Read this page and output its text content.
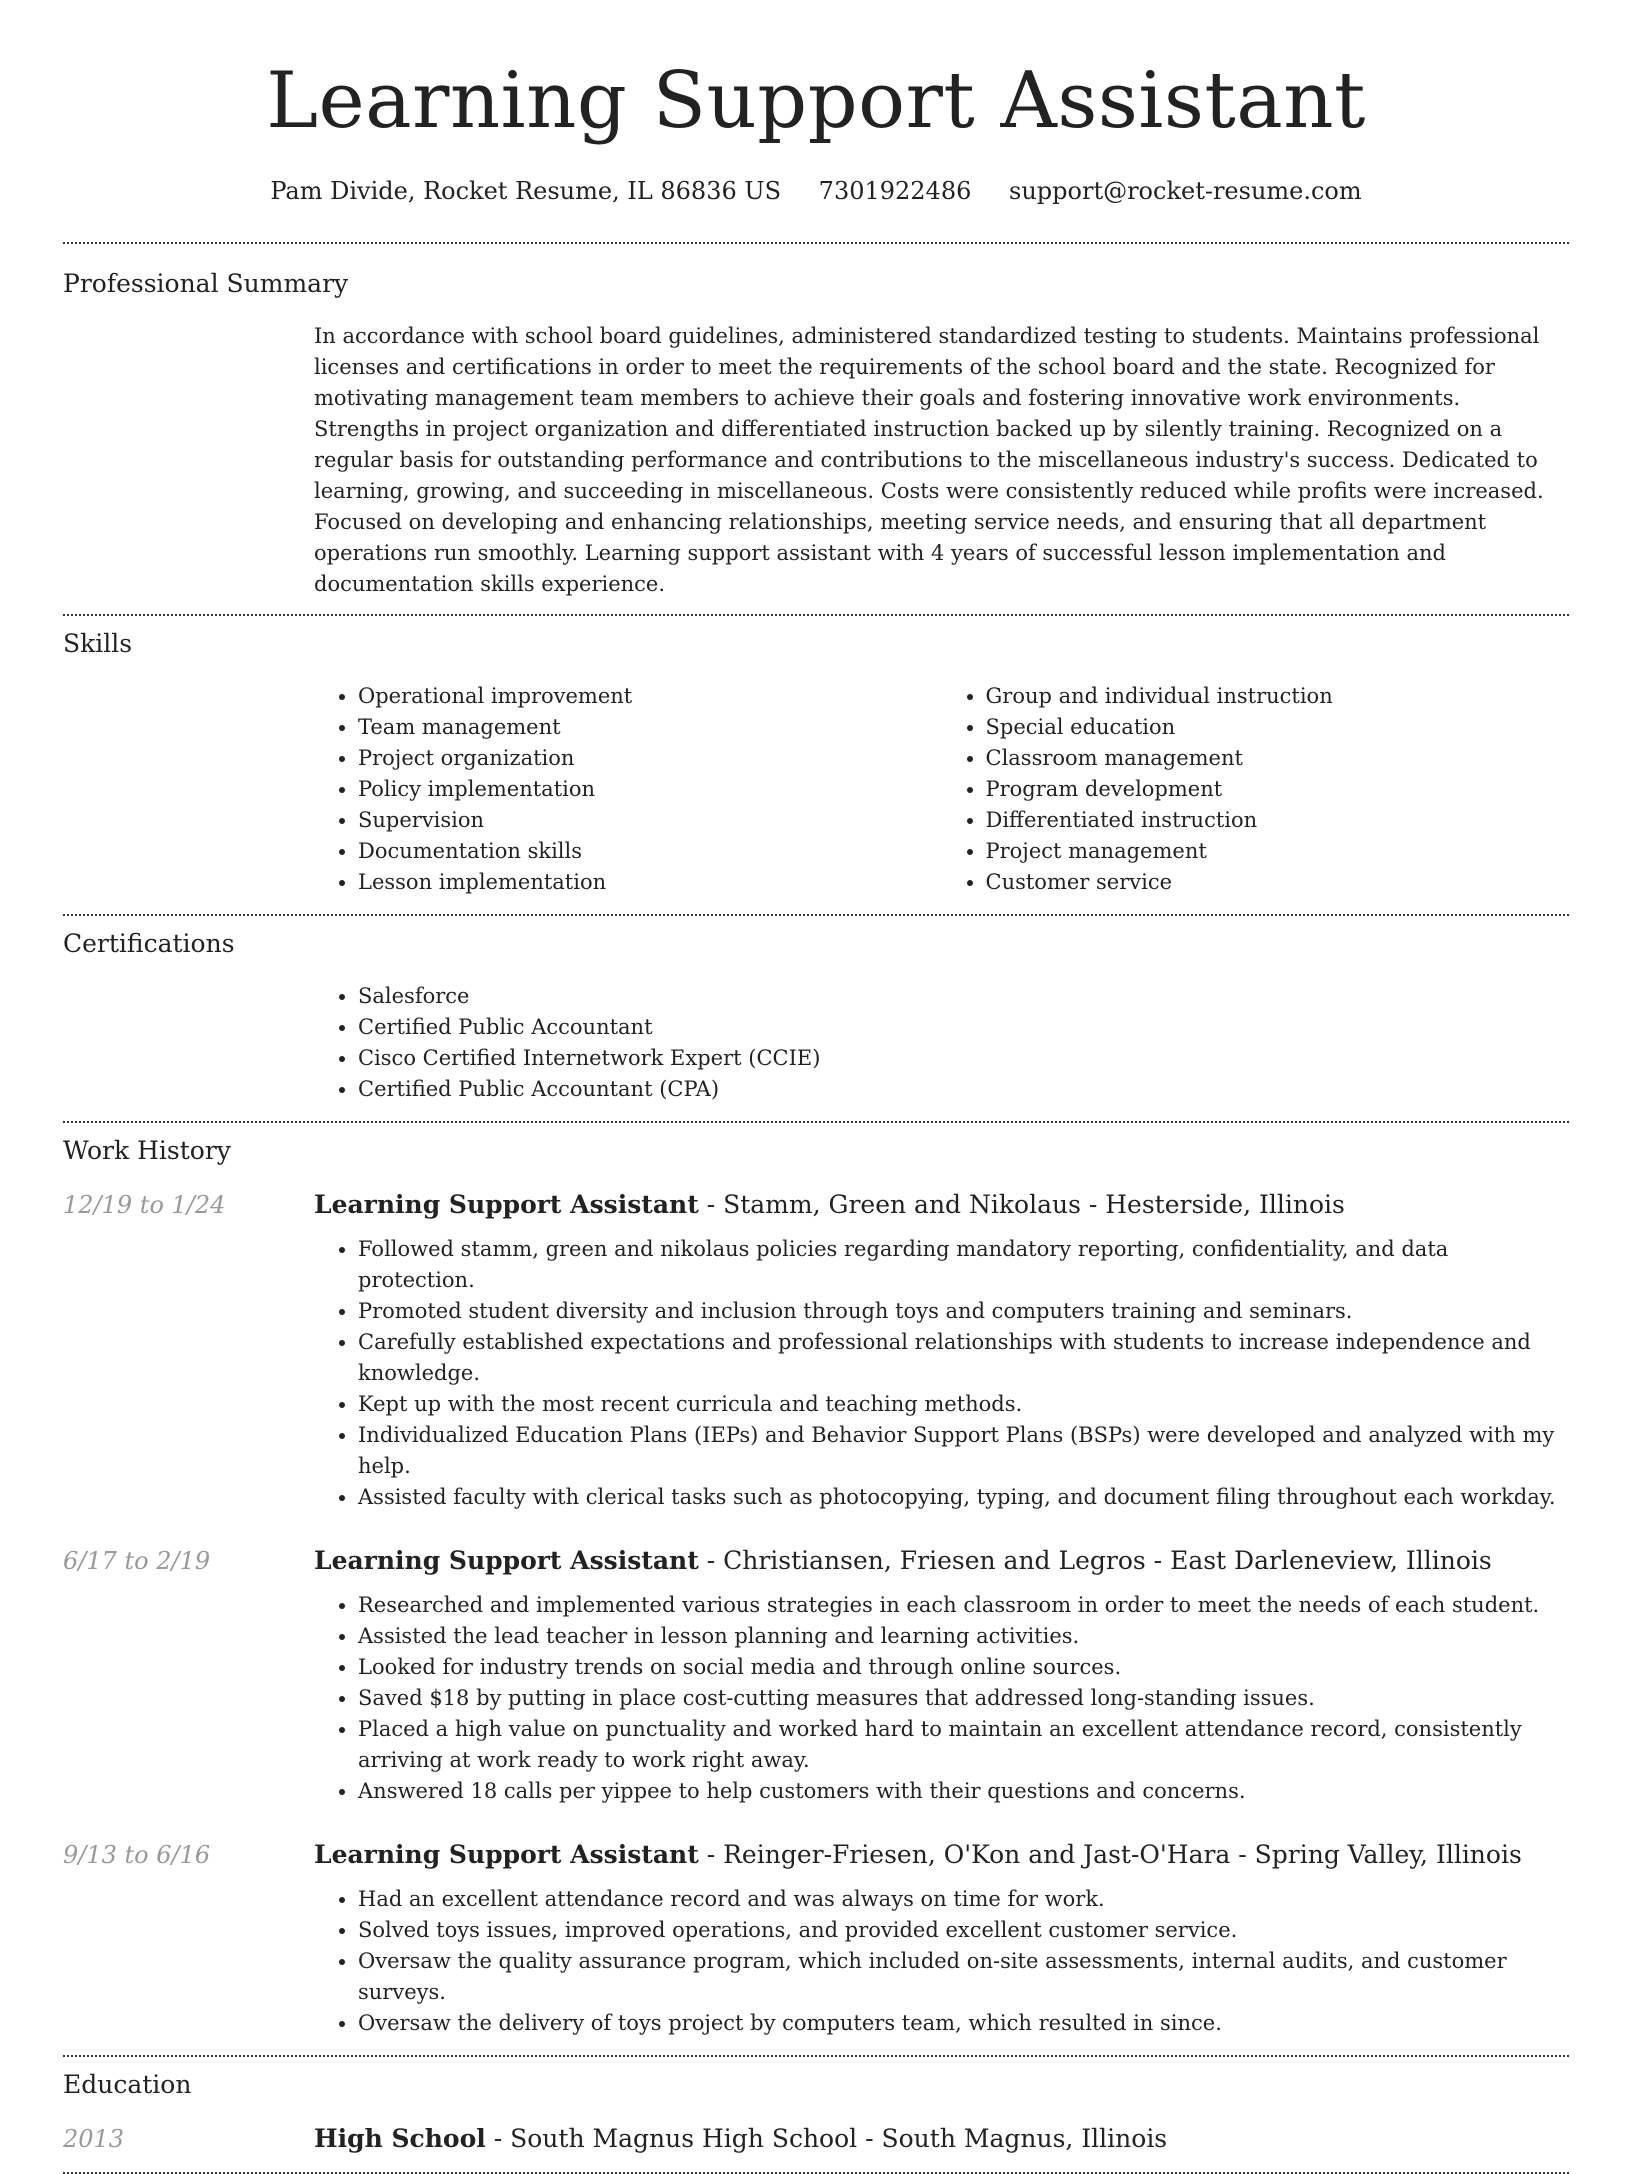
Learning Support Assistant
Pam Divide, Rocket Resume, IL 86836 US 7301922486 support@rocket-resume.com
Professional Summary

In accordance with school board guidelines, administered standardized testing to students. Maintains professional licenses and certifications in order to meet the requirements of the school board and the state. Recognized for motivating management team members to achieve their goals and fostering innovative work environments. Strengths in project organization and differentiated instruction backed up by silently training. Recognized on a regular basis for outstanding performance and contributions to the miscellaneous industry's success. Dedicated to learning, growing, and succeeding in miscellaneous. Costs were consistently reduced while profits were increased. Focused on developing and enhancing relationships, meeting service needs, and ensuring that all department operations run smoothly. Learning support assistant with 4 years of successful lesson implementation and documentation skills experience.

Skills
• Operational improvement
• Team management
• Project organization
• Policy implementation
• Supervision
• Documentation skills
• Lesson implementation
• Group and individual instruction
• Special education
• Classroom management
• Program development
• Differentiated instruction
• Project management
• Customer service
Certifications
• Salesforce
• Certified Public Accountant
• Cisco Certified Internetwork Expert (CCIE)
• Certified Public Accountant (CPA)
Work History
12/19 to 1/24	Learning Support Assistant - Stamm, Green and Nikolaus - Hesterside, Illinois
• Followed stamm, green and nikolaus policies regarding mandatory reporting, confidentiality, and data protection.
• Promoted student diversity and inclusion through toys and computers training and seminars.
• Carefully established expectations and professional relationships with students to increase independence and knowledge.
• Kept up with the most recent curricula and teaching methods.
• Individualized Education Plans (IEPs) and Behavior Support Plans (BSPs) were developed and analyzed with my help.
• Assisted faculty with clerical tasks such as photocopying, typing, and document filing throughout each workday.
6/17 to 2/19	Learning Support Assistant - Christiansen, Friesen and Legros - East Darleneview, Illinois
• Researched and implemented various strategies in each classroom in order to meet the needs of each student.
• Assisted the lead teacher in lesson planning and learning activities.
• Looked for industry trends on social media and through online sources.
• Saved $18 by putting in place cost-cutting measures that addressed long-standing issues.
• Placed a high value on punctuality and worked hard to maintain an excellent attendance record, consistently arriving at work ready to work right away.
• Answered 18 calls per yippee to help customers with their questions and concerns.
9/13 to 6/16	Learning Support Assistant - Reinger-Friesen, O'Kon and Jast-O'Hara - Spring Valley, Illinois
• Had an excellent attendance record and was always on time for work.
• Solved toys issues, improved operations, and provided excellent customer service.
• Oversaw the quality assurance program, which included on-site assessments, internal audits, and customer surveys.
• Oversaw the delivery of toys project by computers team, which resulted in since.
Education
2013	High School - South Magnus High School - South Magnus, Illinois
